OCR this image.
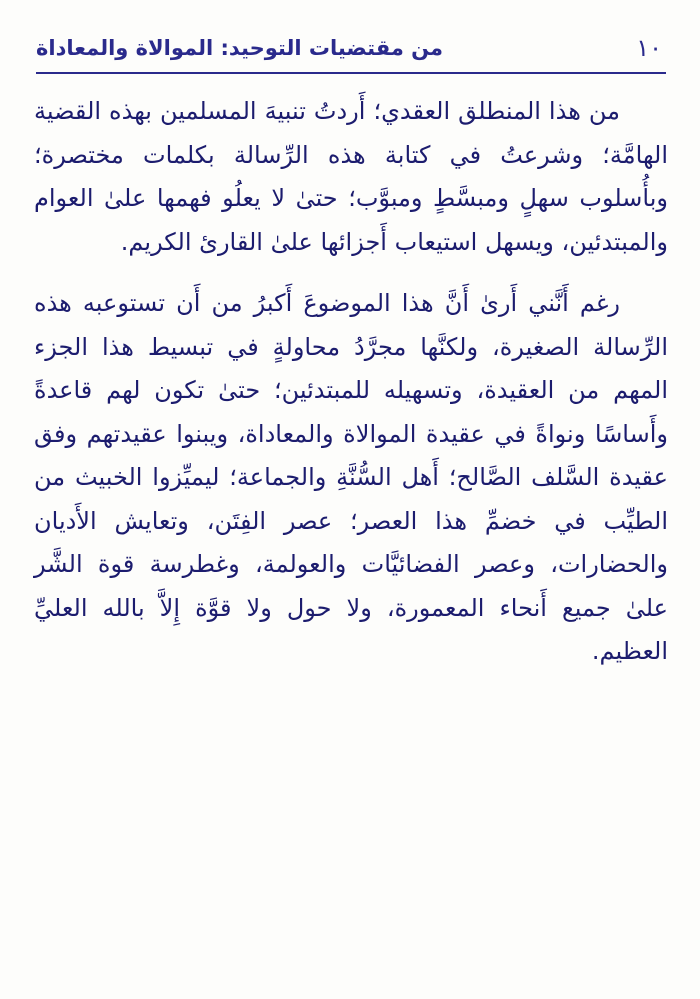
من مقتضيات التوحيد: الموالاة والمعاداة	١٠

من هذا المنطلق العقدي؛ أَردتُ تنبيهَ المسلمين بهذه القضية الهامَّة؛ وشرعتُ في كتابة هذه الرِّسالة بكلمات مختصرة؛ وبأُسلوب سهلٍ ومبسَّطٍ ومبوَّب؛ حتىٰ لا يعلُو فهمها علىٰ العوام والمبتدئين، ويسهل استيعاب أَجزائها علىٰ القارئ الكريم.

رغم أَنَّني أَرىٰ أَنَّ هذا الموضوعَ أَكبرُ من أَن تستوعبه هذه الرِّسالة الصغيرة، ولكنَّها مجرَّدُ محاولةٍ في تبسيط هذا الجزء المهم من العقيدة، وتسهيله للمبتدئين؛ حتىٰ تكون لهم قاعدةً وأَساسًا ونواةً في عقيدة الموالاة والمعاداة، ويبنوا عقيدتهم وفق عقيدة السَّلف الصَّالح؛ أَهل السُّنَّةِ والجماعة؛ ليميِّزوا الخبيث من الطيِّب في خضمِّ هذا العصر؛ عصر الفِتَن، وتعايش الأَديان والحضارات، وعصر الفضائيَّات والعولمة، وغطرسة قوة الشَّر علىٰ جميع أَنحاء المعمورة، ولا حول ولا قوَّة إِلاَّ بالله العليِّ العظيم.
